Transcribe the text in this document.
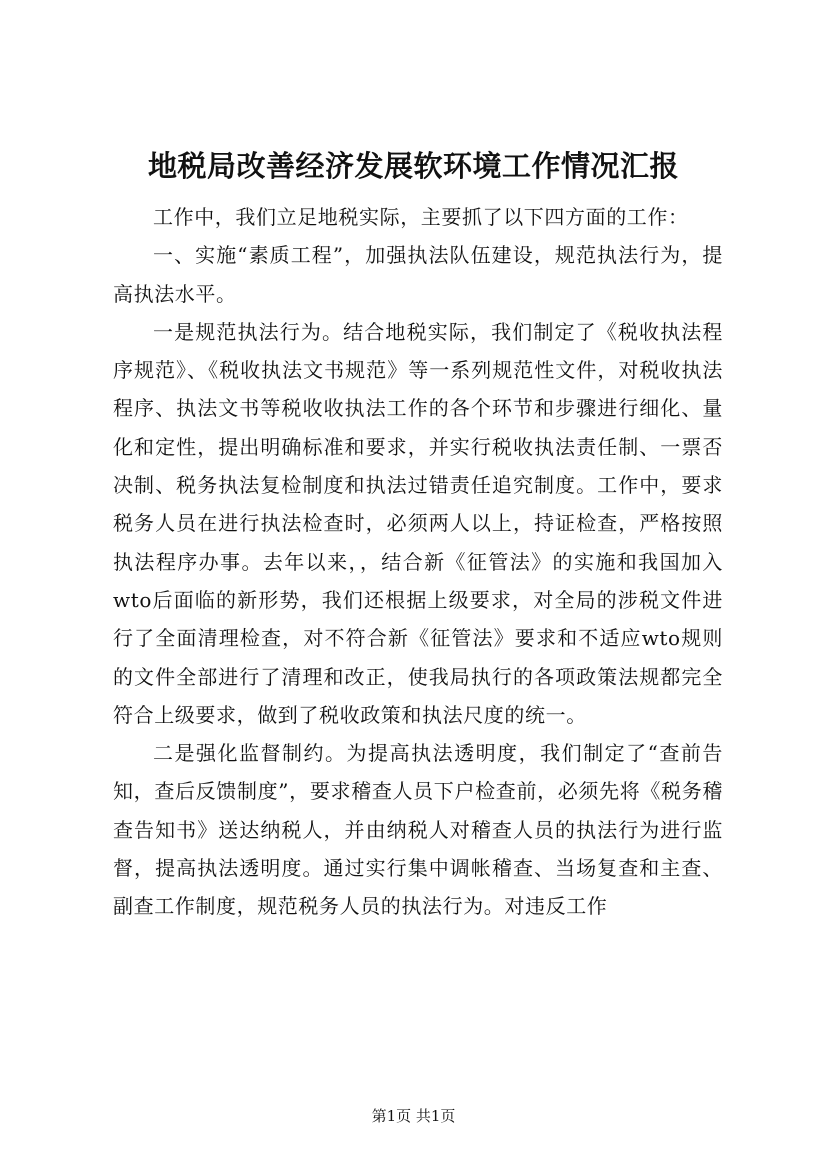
地税局改善经济发展软环境工作情况汇报

工作中，我们立足地税实际，主要抓了以下四方面的工作：

一、实施“素质工程”，加强执法队伍建设，规范执法行为，提高执法水平。

一是规范执法行为。结合地税实际，我们制定了《税收执法程序规范》、《税收执法文书规范》等一系列规范性文件，对税收执法程序、执法文书等税收收执法工作的各个环节和步骤进行细化、量化和定性，提出明确标准和要求，并实行税收执法责任制、一票否决制、税务执法复检制度和执法过错责任追究制度。工作中，要求税务人员在进行执法检查时，必须两人以上，持证检查，严格按照执法程序办事。去年以来，，结合新《征管法》的实施和我国加入wto后面临的新形势，我们还根据上级要求，对全局的涉税文件进行了全面清理检查，对不符合新《征管法》要求和不适应wto规则的文件全部进行了清理和改正，使我局执行的各项政策法规都完全符合上级要求，做到了税收政策和执法尺度的统一。

二是强化监督制约。为提高执法透明度，我们制定了“查前告知，查后反馈制度”，要求稽查人员下户检查前，必须先将《税务稽查告知书》送达纳税人，并由纳税人对稽查人员的执法行为进行监督，提高执法透明度。通过实行集中调帐稽查、当场复查和主查、副查工作制度，规范税务人员的执法行为。对违反工作

第1页 共1页
